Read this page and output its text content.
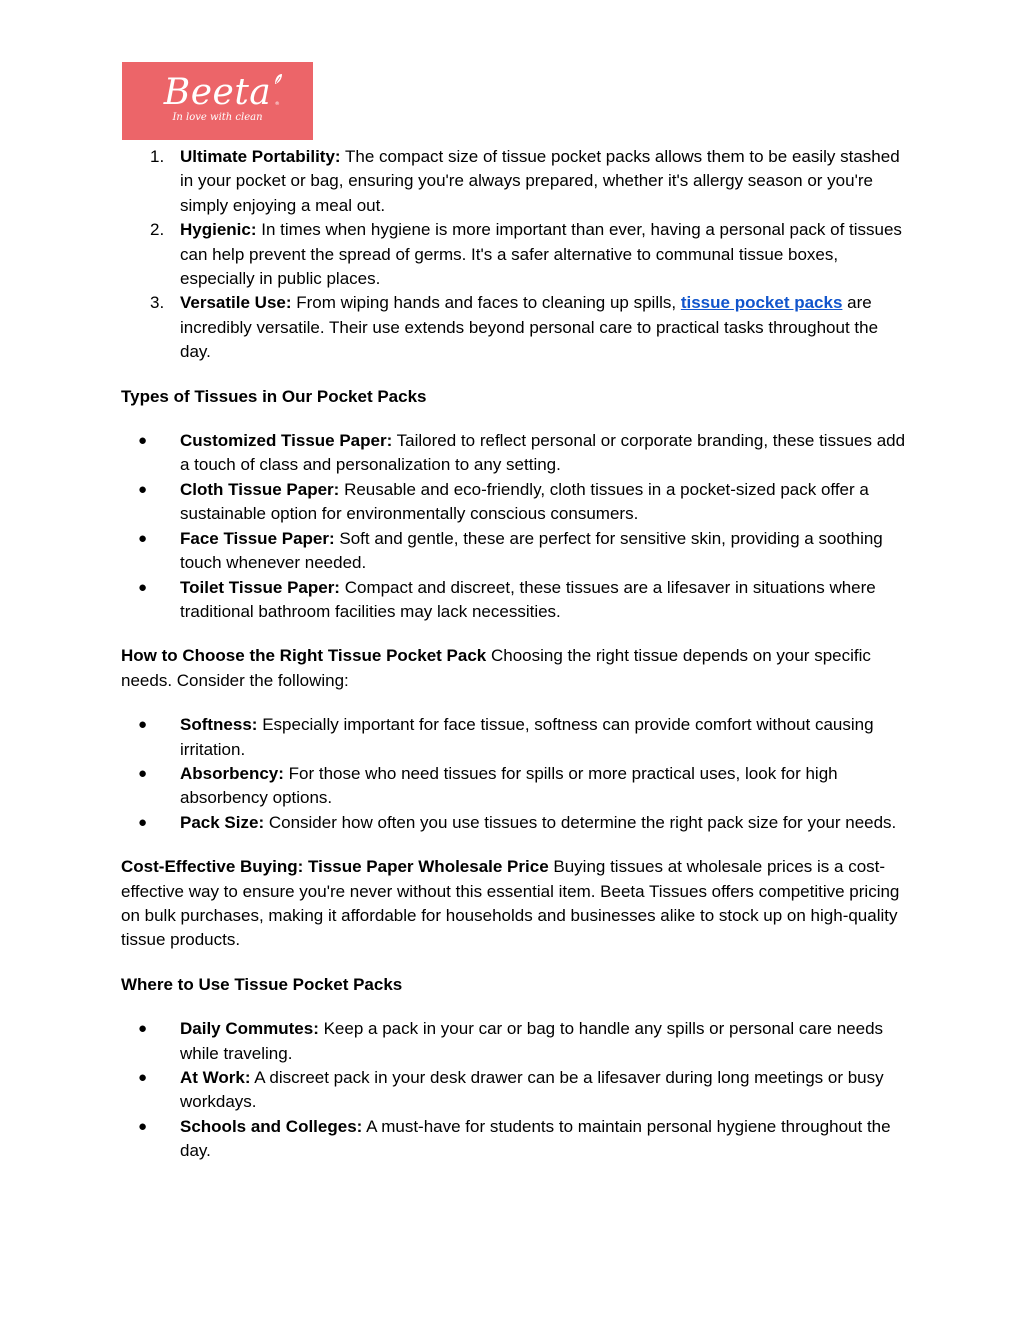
Beeta ®
In love with clean
1. Ultimate Portability: The compact size of tissue pocket packs allows them to be easily stashed in your pocket or bag, ensuring you're always prepared, whether it's allergy season or you're simply enjoying a meal out.
2. Hygienic: In times when hygiene is more important than ever, having a personal pack of tissues can help prevent the spread of germs. It's a safer alternative to communal tissue boxes, especially in public places.
3. Versatile Use: From wiping hands and faces to cleaning up spills, tissue pocket packs are incredibly versatile. Their use extends beyond personal care to practical tasks throughout the day.

Types of Tissues in Our Pocket Packs

● Customized Tissue Paper: Tailored to reflect personal or corporate branding, these tissues add a touch of class and personalization to any setting.
● Cloth Tissue Paper: Reusable and eco-friendly, cloth tissues in a pocket-sized pack offer a sustainable option for environmentally conscious consumers.
● Face Tissue Paper: Soft and gentle, these are perfect for sensitive skin, providing a soothing touch whenever needed.
● Toilet Tissue Paper: Compact and discreet, these tissues are a lifesaver in situations where traditional bathroom facilities may lack necessities.

How to Choose the Right Tissue Pocket Pack Choosing the right tissue depends on your specific needs. Consider the following:

● Softness: Especially important for face tissue, softness can provide comfort without causing irritation.
● Absorbency: For those who need tissues for spills or more practical uses, look for high absorbency options.
● Pack Size: Consider how often you use tissues to determine the right pack size for your needs.

Cost-Effective Buying: Tissue Paper Wholesale Price Buying tissues at wholesale prices is a cost-effective way to ensure you're never without this essential item. Beeta Tissues offers competitive pricing on bulk purchases, making it affordable for households and businesses alike to stock up on high-quality tissue products.

Where to Use Tissue Pocket Packs

● Daily Commutes: Keep a pack in your car or bag to handle any spills or personal care needs while traveling.
● At Work: A discreet pack in your desk drawer can be a lifesaver during long meetings or busy workdays.
● Schools and Colleges: A must-have for students to maintain personal hygiene throughout the day.
